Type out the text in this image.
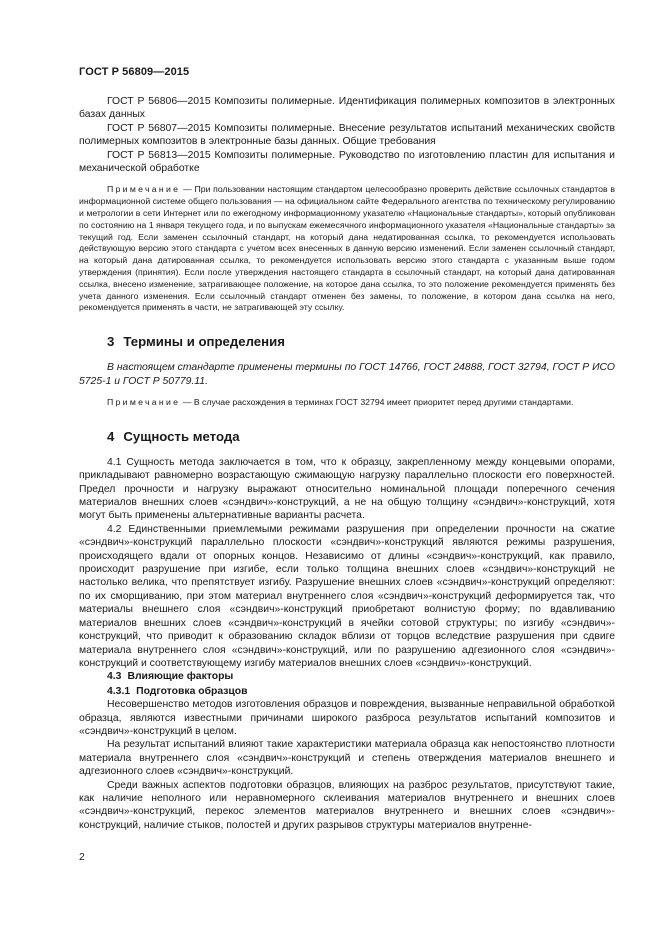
ГОСТ Р 56809—2015

ГОСТ Р 56806—2015 Композиты полимерные. Идентификация полимерных композитов в электронных базах данных

ГОСТ Р 56807—2015 Композиты полимерные. Внесение результатов испытаний механических свойств полимерных композитов в электронные базы данных. Общие требования

ГОСТ Р 56813—2015 Композиты полимерные. Руководство по изготовлению пластин для испытания и механической обработке

Примечание — При пользовании настоящим стандартом целесообразно проверить действие ссылочных стандартов в информационной системе общего пользования — на официальном сайте Федерального агентства по техническому регулированию и метрологии в сети Интернет или по ежегодному информационному указателю «Национальные стандарты», который опубликован по состоянию на 1 января текущего года, и по выпускам ежемесячного информационного указателя «Национальные стандарты» за текущий год. Если заменен ссылочный стандарт, на который дана недатированная ссылка, то рекомендуется использовать действующую версию этого стандарта с учетом всех внесенных в данную версию изменений. Если заменен ссылочный стандарт, на который дана датированная ссылка, то рекомендуется использовать версию этого стандарта с указанным выше годом утверждения (принятия). Если после утверждения настоящего стандарта в ссылочный стандарт, на который дана датированная ссылка, внесено изменение, затрагивающее положение, на которое дана ссылка, то это положение рекомендуется применять без учета данного изменения. Если ссылочный стандарт отменен без замены, то положение, в котором дана ссылка на него, рекомендуется применять в части, не затрагивающей эту ссылку.

3 Термины и определения

В настоящем стандарте применены термины по ГОСТ 14766, ГОСТ 24888, ГОСТ 32794, ГОСТ Р ИСО 5725-1 и ГОСТ Р 50779.11.

Примечание — В случае расхождения в терминах ГОСТ 32794 имеет приоритет перед другими стандартами.

4 Сущность метода

4.1 Сущность метода заключается в том, что к образцу, закрепленному между концевыми опорами, прикладывают равномерно возрастающую сжимающую нагрузку параллельно плоскости его поверхностей. Предел прочности и нагрузку выражают относительно номинальной площади поперечного сечения материалов внешних слоев «сэндвич»-конструкций, а не на общую толщину «сэндвич»-конструкций, хотя могут быть применены альтернативные варианты расчета.

4.2 Единственными приемлемыми режимами разрушения при определении прочности на сжатие «сэндвич»-конструкций параллельно плоскости «сэндвич»-конструкций являются режимы разрушения, происходящего вдали от опорных концов. Независимо от длины «сэндвич»-конструкций, как правило, происходит разрушение при изгибе, если только толщина внешних слоев «сэндвич»-конструкций не настолько велика, что препятствует изгибу. Разрушение внешних слоев «сэндвич»-конструкций определяют: по их сморщиванию, при этом материал внутреннего слоя «сэндвич»-конструкций деформируется так, что материалы внешнего слоя «сэндвич»-конструкций приобретают волнистую форму; по вдавливанию материалов внешних слоев «сэндвич»-конструкций в ячейки сотовой структуры; по изгибу «сэндвич»-конструкций, что приводит к образованию складок вблизи от торцов вследствие разрушения при сдвиге материала внутреннего слоя «сэндвич»-конструкций, или по разрушению адгезионного слоя «сэндвич»-конструкций и соответствующему изгибу материалов внешних слоев «сэндвич»-конструкций.

4.3 Влияющие факторы
4.3.1 Подготовка образцов

Несовершенство методов изготовления образцов и повреждения, вызванные неправильной обработкой образца, являются известными причинами широкого разброса результатов испытаний композитов и «сэндвич»-конструкций в целом.

На результат испытаний влияют такие характеристики материала образца как непостоянство плотности материала внутреннего слоя «сэндвич»-конструкций и степень отверждения материалов внешнего и адгезионного слоев «сэндвич»-конструкций.

Среди важных аспектов подготовки образцов, влияющих на разброс результатов, присутствуют такие, как наличие неполного или неравномерного склеивания материалов внутреннего и внешних слоев «сэндвич»-конструкций, перекос элементов материалов внутреннего и внешних слоев «сэндвич»-конструкций, наличие стыков, полостей и других разрывов структуры материалов внутренне-

2
